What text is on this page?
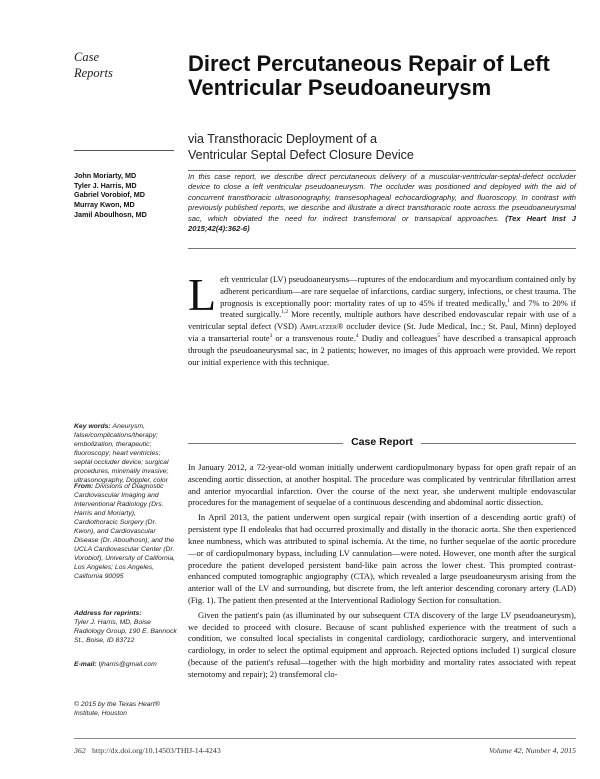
Case
Reports	Direct Percutaneous Repair of Left Ventricular Pseudoaneurysm
via Transthoracic Deployment of a
Ventricular Septal Defect Closure Device
John Moriarty, MD
Tyler J. Harris, MD
Gabriel Vorobiof, MD
Murray Kwon, MD
Jamil Aboulhosn, MD
In this case report, we describe direct percutaneous delivery of a muscular-ventricular-septal-defect occluder device to close a left ventricular pseudoaneurysm. The occluder was positioned and deployed with the aid of concurrent transthoracic ultrasonography, transesophageal echocardiography, and fluoroscopy. In contrast with previously published reports, we describe and illustrate a direct transthoracic route across the pseudoaneurysmal sac, which obviated the need for indirect transfemoral or transapical approaches. (Tex Heart Inst J 2015;42(4):362-6)
Left ventricular (LV) pseudoaneurysms—ruptures of the endocardium and myocardium contained only by adherent pericardium—are rare sequelae of infarctions, cardiac surgery, infections, or chest trauma. The prognosis is exceptionally poor: mortality rates of up to 45% if treated medically,$^1$ and 7% to 20% if treated surgically.$^{1,2}$ More recently, multiple authors have described endovascular repair with use of a ventricular septal defect (VSD) Amplatzer® occluder device (St. Jude Medical, Inc.; St. Paul, Minn) deployed via a transarterial route$^3$ or a transvenous route.$^4$ Dudiy and colleagues$^5$ have described a transapical approach through the pseudoaneurysmal sac, in 2 patients; however, no images of this approach were provided. We report our initial experience with this technique.
Case Report

In January 2012, a 72-year-old woman initially underwent cardiopulmonary bypass for open graft repair of an ascending aortic dissection, at another hospital. The procedure was complicated by ventricular fibrillation arrest and anterior myocardial infarction. Over the course of the next year, she underwent multiple endovascular procedures for the management of sequelae of a continuous descending and abdominal aortic dissection.

In April 2013, the patient underwent open surgical repair (with insertion of a descending aortic graft) of persistent type II endoleaks that had occurred proximally and distally in the thoracic aorta. She then experienced knee numbness, which was attributed to spinal ischemia. At the time, no further sequelae of the aortic procedure—or of cardiopulmonary bypass, including LV cannulation—were noted. However, one month after the surgical procedure the patient developed persistent band-like pain across the lower chest. This prompted contrast-enhanced computed tomographic angiography (CTA), which revealed a large pseudoaneurysm arising from the anterior wall of the LV and surrounding, but discrete from, the left anterior descending coronary artery (LAD) (Fig. 1). The patient then presented at the Interventional Radiology Section for consultation.

Given the patient's pain (as illuminated by our subsequent CTA discovery of the large LV pseudoaneurysm), we decided to proceed with closure. Because of scant published experience with the treatment of such a condition, we consulted local specialists in congenital cardiology, cardiothoracic surgery, and interventional cardiology, in order to select the optimal equipment and approach. Rejected options included 1) surgical closure (because of the patient's refusal—together with the high morbidity and mortality rates associated with repeat sternotomy and repair); 2) transfemoral clo-

Key words: Aneurysm, false/complications/therapy; embolization, therapeutic; fluoroscopy; heart ventricles; septal occluder device; surgical procedures, minimally invasive; ultrasonography, Doppler, color
From: Divisions of Diagnostic Cardiovascular Imaging and Interventional Radiology (Drs. Harris and Moriarty), Cardiothoracic Surgery (Dr. Kwon), and Cardiovascular Disease (Dr. Aboulhosn); and the UCLA Cardiovascular Center (Dr. Vorobiof), University of California, Los Angeles; Los Angeles, California 90095
Address for reprints:
Tyler J. Harris, MD, Boise Radiology Group, 190 E. Bannock St., Boise, ID 83712
E-mail: tjharris@gmail.com
© 2015 by the Texas Heart® Institute, Houston
362 http://dx.doi.org/10.14503/THIJ-14-4243	Volume 42, Number 4, 2015
